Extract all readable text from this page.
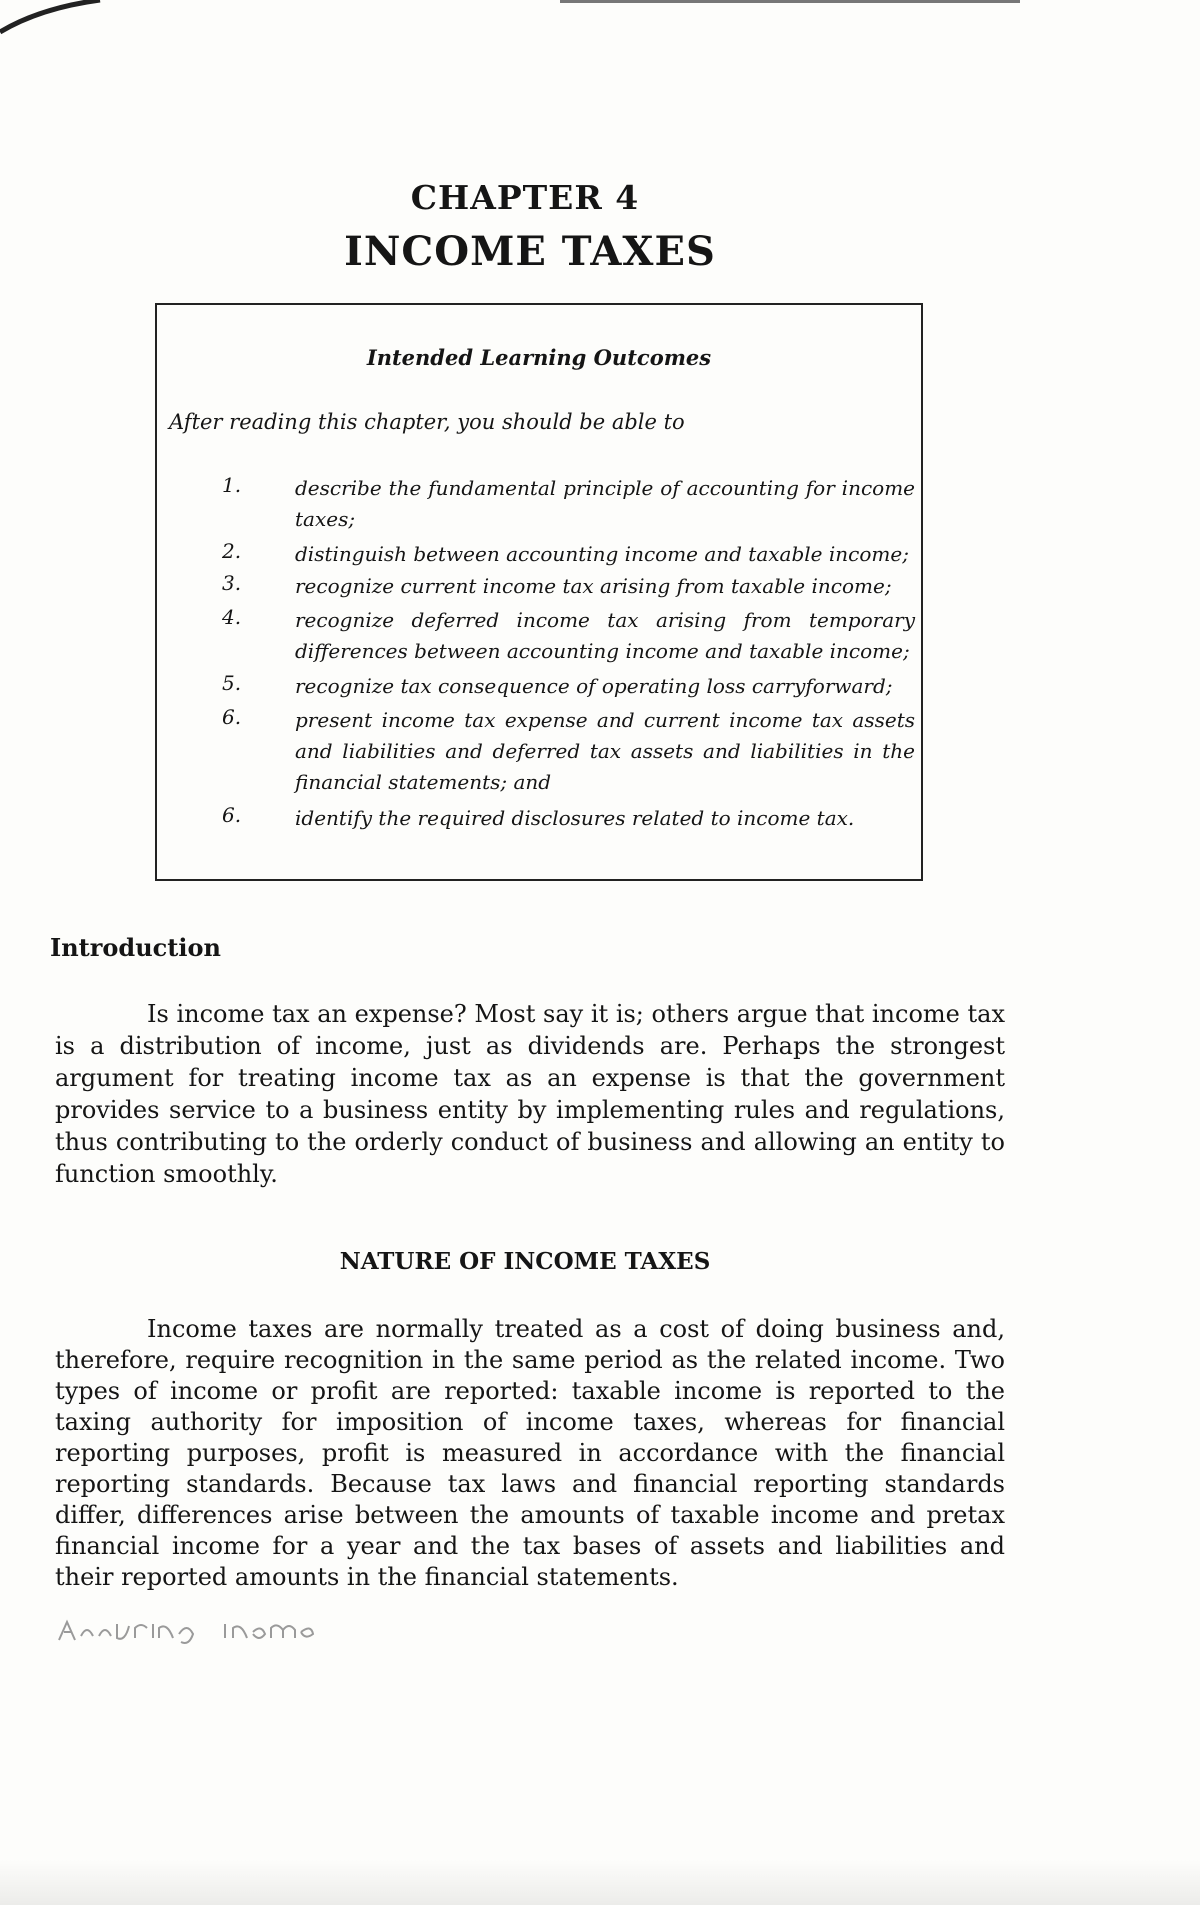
CHAPTER 4
INCOME TAXES
Intended Learning Outcomes
After reading this chapter, you should be able to
1.	describe the fundamental principle of accounting for income taxes;
2.	distinguish between accounting income and taxable income;
3.	recognize current income tax arising from taxable income;
4.	recognize deferred income tax arising from temporary differences between accounting income and taxable income;
5.	recognize tax consequence of operating loss carryforward;
6.	present income tax expense and current income tax assets and liabilities and deferred tax assets and liabilities in the financial statements; and
6.	identify the required disclosures related to income tax.
Introduction
Is income tax an expense? Most say it is; others argue that income tax is a distribution of income, just as dividends are. Perhaps the strongest argument for treating income tax as an expense is that the government provides service to a business entity by implementing rules and regulations, thus contributing to the orderly conduct of business and allowing an entity to function smoothly.
NATURE OF INCOME TAXES
Income taxes are normally treated as a cost of doing business and, therefore, require recognition in the same period as the related income. Two types of income or profit are reported: taxable income is reported to the taxing authority for imposition of income taxes, whereas for financial reporting purposes, profit is measured in accordance with the financial reporting standards. Because tax laws and financial reporting standards differ, differences arise between the amounts of taxable income and pretax financial income for a year and the tax bases of assets and liabilities and their reported amounts in the financial statements.
